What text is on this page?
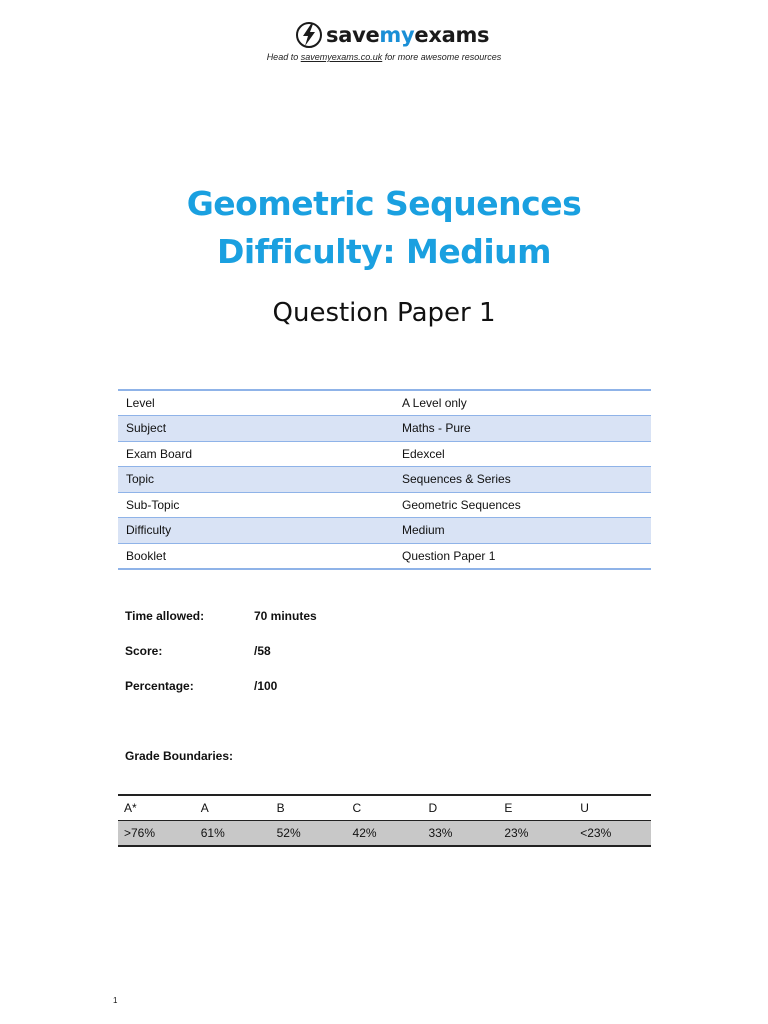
savemyexams
Head to savemyexams.co.uk for more awesome resources
Geometric Sequences
Difficulty: Medium
Question Paper 1
Level	A Level only
Subject	Maths - Pure
Exam Board	Edexcel
Topic	Sequences & Series
Sub-Topic	Geometric Sequences
Difficulty	Medium
Booklet	Question Paper 1
Time allowed:	70 minutes
Score:	/58
Percentage:	/100
Grade Boundaries:
A*	A	B	C	D	E	U
>76%	61%	52%	42%	33%	23%	<23%
1
